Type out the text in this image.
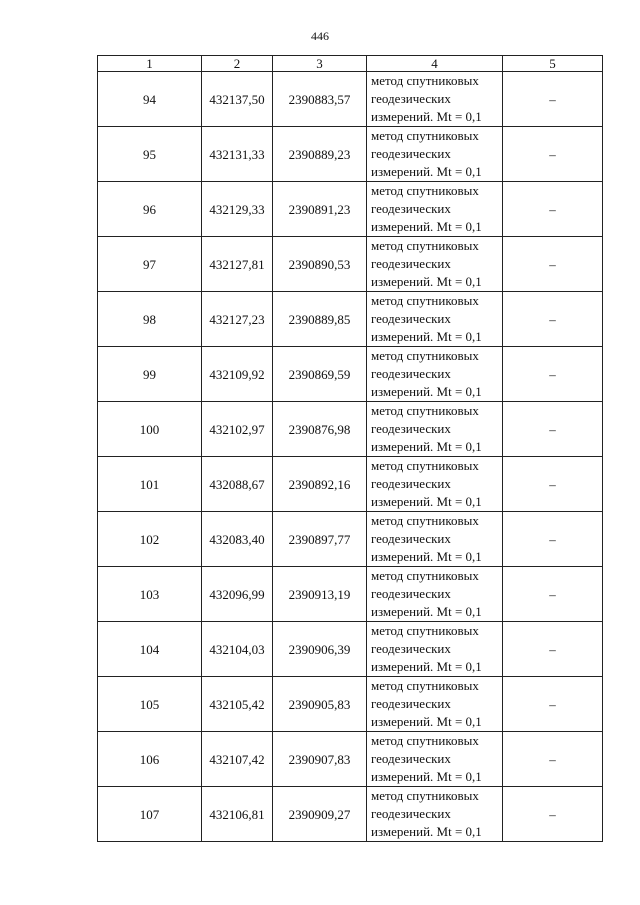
446
1	2	3	4	5
94	432137,50	2390883,57	метод спутниковых
геодезических
измерений. Mt = 0,1	–
95	432131,33	2390889,23	метод спутниковых
геодезических
измерений. Mt = 0,1	–
96	432129,33	2390891,23	метод спутниковых
геодезических
измерений. Mt = 0,1	–
97	432127,81	2390890,53	метод спутниковых
геодезических
измерений. Mt = 0,1	–
98	432127,23	2390889,85	метод спутниковых
геодезических
измерений. Mt = 0,1	–
99	432109,92	2390869,59	метод спутниковых
геодезических
измерений. Mt = 0,1	–
100	432102,97	2390876,98	метод спутниковых
геодезических
измерений. Mt = 0,1	–
101	432088,67	2390892,16	метод спутниковых
геодезических
измерений. Mt = 0,1	–
102	432083,40	2390897,77	метод спутниковых
геодезических
измерений. Mt = 0,1	–
103	432096,99	2390913,19	метод спутниковых
геодезических
измерений. Mt = 0,1	–
104	432104,03	2390906,39	метод спутниковых
геодезических
измерений. Mt = 0,1	–
105	432105,42	2390905,83	метод спутниковых
геодезических
измерений. Mt = 0,1	–
106	432107,42	2390907,83	метод спутниковых
геодезических
измерений. Mt = 0,1	–
107	432106,81	2390909,27	метод спутниковых
геодезических
измерений. Mt = 0,1	–
